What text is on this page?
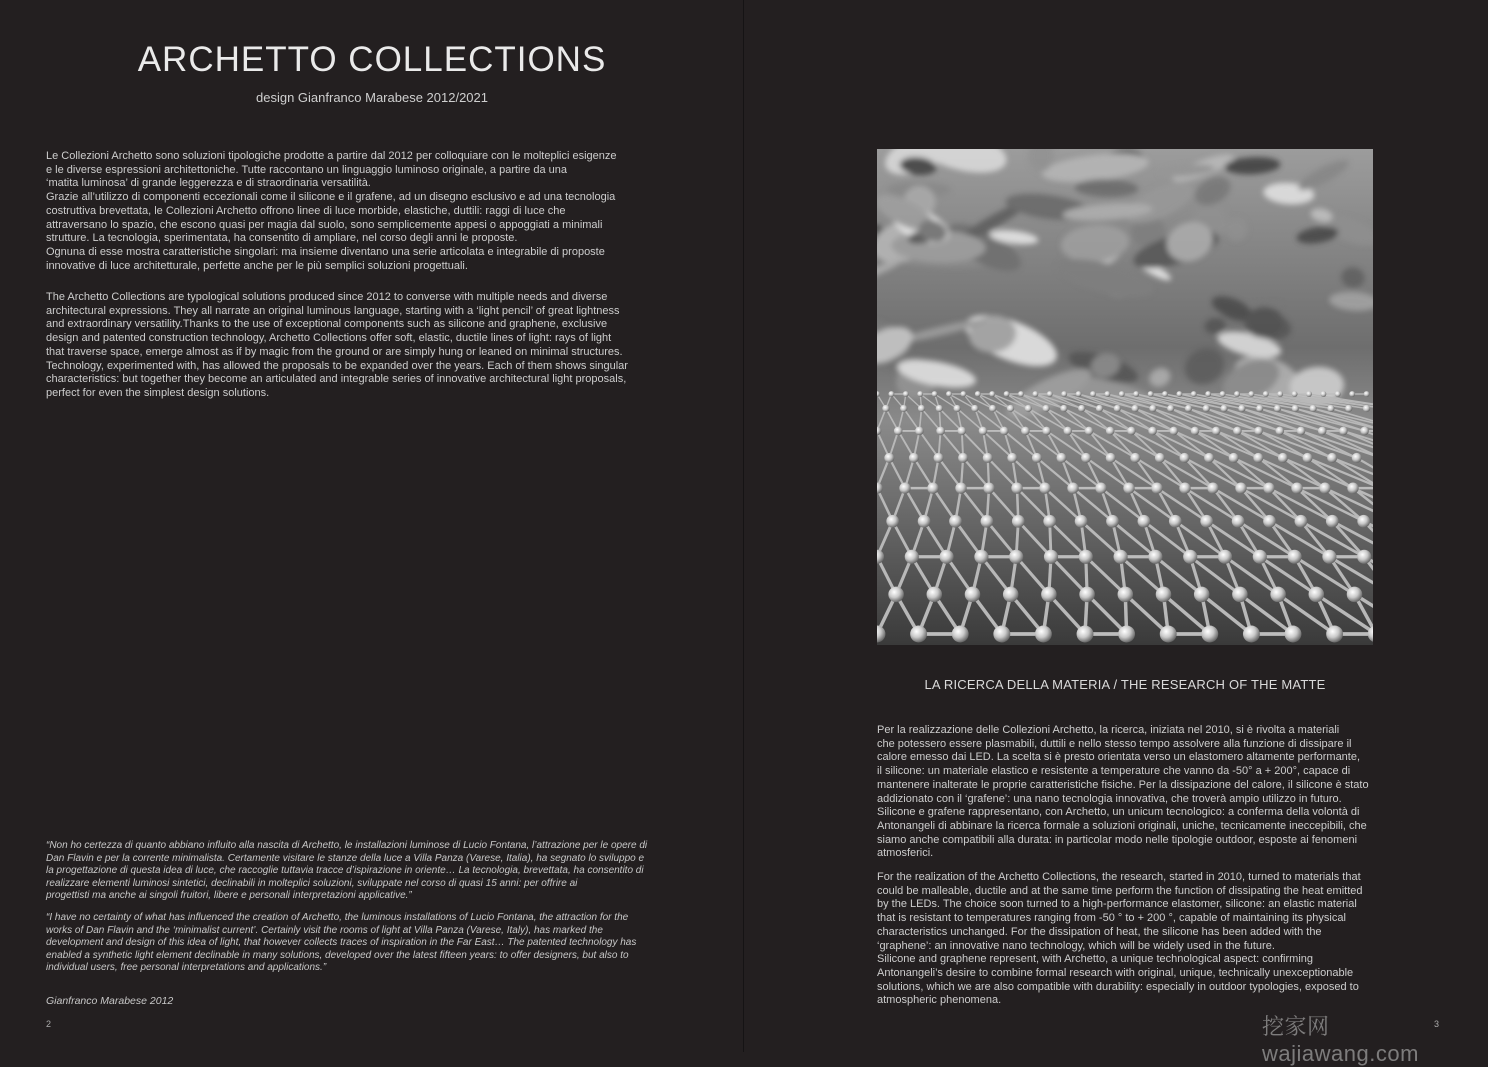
ARCHETTO COLLECTIONS
design Gianfranco Marabese 2012/2021
Le Collezioni Archetto sono soluzioni tipologiche prodotte a partire dal 2012 per colloquiare con le molteplici esigenze
e le diverse espressioni architettoniche. Tutte raccontano un linguaggio luminoso originale, a partire da una
‘matita luminosa’ di grande leggerezza e di straordinaria versatilità.
Grazie all’utilizzo di componenti eccezionali come il silicone e il grafene, ad un disegno esclusivo e ad una tecnologia
costruttiva brevettata, le Collezioni Archetto offrono linee di luce morbide, elastiche, duttili: raggi di luce che
attraversano lo spazio, che escono quasi per magia dal suolo, sono semplicemente appesi o appoggiati a minimali
strutture. La tecnologia, sperimentata, ha consentito di ampliare, nel corso degli anni le proposte.
Ognuna di esse mostra caratteristiche singolari: ma insieme diventano una serie articolata e integrabile di proposte
innovative di luce architetturale, perfette anche per le più semplici soluzioni progettuali.
The Archetto Collections are typological solutions produced since 2012 to converse with multiple needs and diverse
architectural expressions. They all narrate an original luminous language, starting with a ‘light pencil’ of great lightness
and extraordinary versatility.Thanks to the use of exceptional components such as silicone and graphene, exclusive
design and patented construction technology, Archetto Collections offer soft, elastic, ductile lines of light: rays of light
that traverse space, emerge almost as if by magic from the ground or are simply hung or leaned on minimal structures.
Technology, experimented with, has allowed the proposals to be expanded over the years. Each of them shows singular
characteristics: but together they become an articulated and integrable series of innovative architectural light proposals,
perfect for even the simplest design solutions.
“Non ho certezza di quanto abbiano influito alla nascita di Archetto, le installazioni luminose di Lucio Fontana, l’attrazione per le opere di
Dan Flavin e per la corrente minimalista. Certamente visitare le stanze della luce a Villa Panza (Varese, Italia), ha segnato lo sviluppo e
la progettazione di questa idea di luce, che raccoglie tuttavia tracce d’ispirazione in oriente… La tecnologia, brevettata, ha consentito di
realizzare elementi luminosi sintetici, declinabili in molteplici soluzioni, sviluppate nel corso di quasi 15 anni: per offrire ai
progettisti ma anche ai singoli fruitori, libere e personali interpretazioni applicative.”
“I have no certainty of what has influenced the creation of Archetto, the luminous installations of Lucio Fontana, the attraction for the
works of Dan Flavin and the ‘minimalist current’. Certainly visit the rooms of light at Villa Panza (Varese, Italy), has marked the
development and design of this idea of light, that however collects traces of inspiration in the Far East… The patented technology has
enabled a synthetic light element declinable in many solutions, developed over the latest fifteen years: to offer designers, but also to
individual users, free personal interpretations and applications.”
Gianfranco Marabese 2012
2
LA RICERCA DELLA MATERIA / THE RESEARCH OF THE MATTE
Per la realizzazione delle Collezioni Archetto, la ricerca, iniziata nel 2010, si è rivolta a materiali
che potessero essere plasmabili, duttili e nello stesso tempo assolvere alla funzione di dissipare il
calore emesso dai LED. La scelta si è presto orientata verso un elastomero altamente performante,
il silicone: un materiale elastico e resistente a temperature che vanno da -50° a + 200°, capace di
mantenere inalterate le proprie caratteristiche fisiche. Per la dissipazione del calore, il silicone è stato
addizionato con il ‘grafene’: una nano tecnologia innovativa, che troverà ampio utilizzo in futuro.
Silicone e grafene rappresentano, con Archetto, un unicum tecnologico: a conferma della volontà di
Antonangeli di abbinare la ricerca formale a soluzioni originali, uniche, tecnicamente ineccepibili, che
siamo anche compatibili alla durata: in particolar modo nelle tipologie outdoor, esposte ai fenomeni
atmosferici.
For the realization of the Archetto Collections, the research, started in 2010, turned to materials that
could be malleable, ductile and at the same time perform the function of dissipating the heat emitted
by the LEDs. The choice soon turned to a high-performance elastomer, silicone: an elastic material
that is resistant to temperatures ranging from -50 ° to + 200 °, capable of maintaining its physical
characteristics unchanged. For the dissipation of heat, the silicone has been added with the
‘graphene’: an innovative nano technology, which will be widely used in the future.
Silicone and graphene represent, with Archetto, a unique technological aspect: confirming
Antonangeli’s desire to combine formal research with original, unique, technically unexceptionable
solutions, which we are also compatible with durability: especially in outdoor typologies, exposed to
atmospheric phenomena.
3
挖家网 wajiawang.com
